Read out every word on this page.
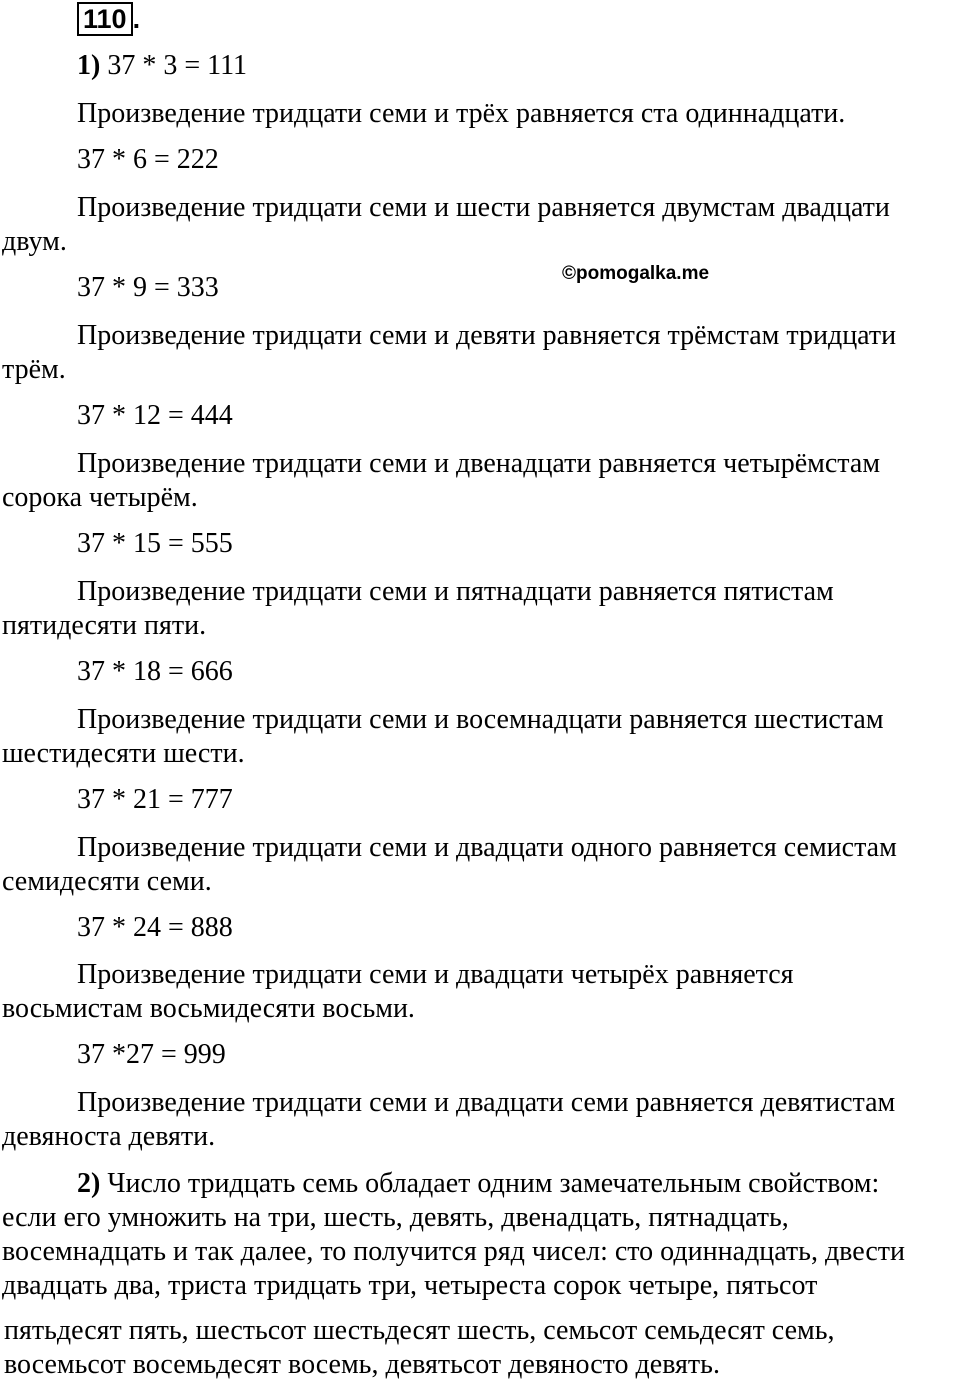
110 .
1) 37 * 3 = 111
Произведение тридцати семи и трёх равняется ста одиннадцати.
37 * 6 = 222
Произведение тридцати семи и шести равняется двумстам двадцати
двум.
©pomogalka.me
37 * 9 = 333
Произведение тридцати семи и девяти равняется трёмстам тридцати
трём.
37 * 12 = 444
Произведение тридцати семи и двенадцати равняется четырёмстам
сорока четырём.
37 * 15 = 555
Произведение тридцати семи и пятнадцати равняется пятистам
пятидесяти пяти.
37 * 18 = 666
Произведение тридцати семи и восемнадцати равняется шестистам
шестидесяти шести.
37 * 21 = 777
Произведение тридцати семи и двадцати одного равняется семистам
семидесяти семи.
37 * 24 = 888
Произведение тридцати семи и двадцати четырёх равняется
восьмистам восьмидесяти восьми.
37 *27 = 999
Произведение тридцати семи и двадцати семи равняется девятистам
девяноста девяти.
2) Число тридцать семь обладает одним замечательным свойством:
если его умножить на три, шесть, девять, двенадцать, пятнадцать,
восемнадцать и так далее, то получится ряд чисел: сто одиннадцать, двести
двадцать два, триста тридцать три, четыреста сорок четыре, пятьсот
пятьдесят пять, шестьсот шестьдесят шесть, семьсот семьдесят семь,
восемьсот восемьдесят восемь, девятьсот девяносто девять.
